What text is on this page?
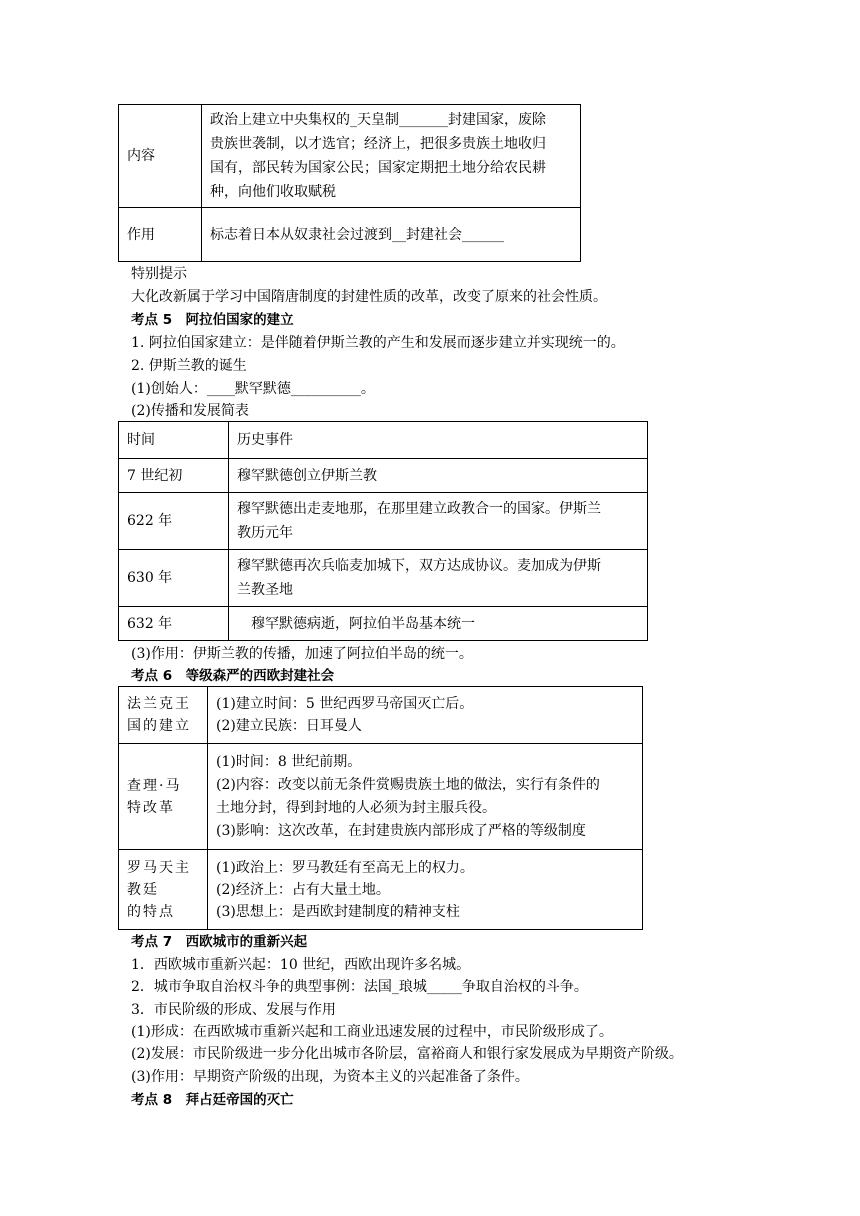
内容	政治上建立中央集权的_天皇制_______封建国家，废除
贵族世袭制，以才选官；经济上，把很多贵族土地收归
国有，部民转为国家公民；国家定期把土地分给农民耕
种，向他们收取赋税
作用	标志着日本从奴隶社会过渡到__封建社会______
特别提示
大化改新属于学习中国隋唐制度的封建性质的改革，改变了原来的社会性质。
考点 5　阿拉伯国家的建立
1. 阿拉伯国家建立：是伴随着伊斯兰教的产生和发展而逐步建立并实现统一的。
2. 伊斯兰教的诞生
(1)创始人：____默罕默德__________。
(2)传播和发展简表
时间	历史事件
7 世纪初	穆罕默德创立伊斯兰教
622 年	穆罕默德出走麦地那，在那里建立政教合一的国家。伊斯兰
教历元年
630 年	穆罕默德再次兵临麦加城下，双方达成协议。麦加成为伊斯
兰教圣地
632 年	　穆罕默德病逝，阿拉伯半岛基本统一
(3)作用：伊斯兰教的传播，加速了阿拉伯半岛的统一。
考点 6　等级森严的西欧封建社会
法兰克王
国的建立	(1)建立时间：5 世纪西罗马帝国灭亡后。
(2)建立民族：日耳曼人
查理·马
特改革	(1)时间：8 世纪前期。
(2)内容：改变以前无条件赏赐贵族土地的做法，实行有条件的
土地分封，得到封地的人必须为封主服兵役。
(3)影响：这次改革，在封建贵族内部形成了严格的等级制度
罗马天主
教廷
的特点	(1)政治上：罗马教廷有至高无上的权力。
(2)经济上：占有大量土地。
(3)思想上：是西欧封建制度的精神支柱
考点 7　西欧城市的重新兴起
1．西欧城市重新兴起：10 世纪，西欧出现许多名城。
2．城市争取自治权斗争的典型事例：法国_琅城_____争取自治权的斗争。
3．市民阶级的形成、发展与作用
(1)形成：在西欧城市重新兴起和工商业迅速发展的过程中，市民阶级形成了。
(2)发展：市民阶级进一步分化出城市各阶层，富裕商人和银行家发展成为早期资产阶级。
(3)作用：早期资产阶级的出现，为资本主义的兴起准备了条件。
考点 8　拜占廷帝国的灭亡
